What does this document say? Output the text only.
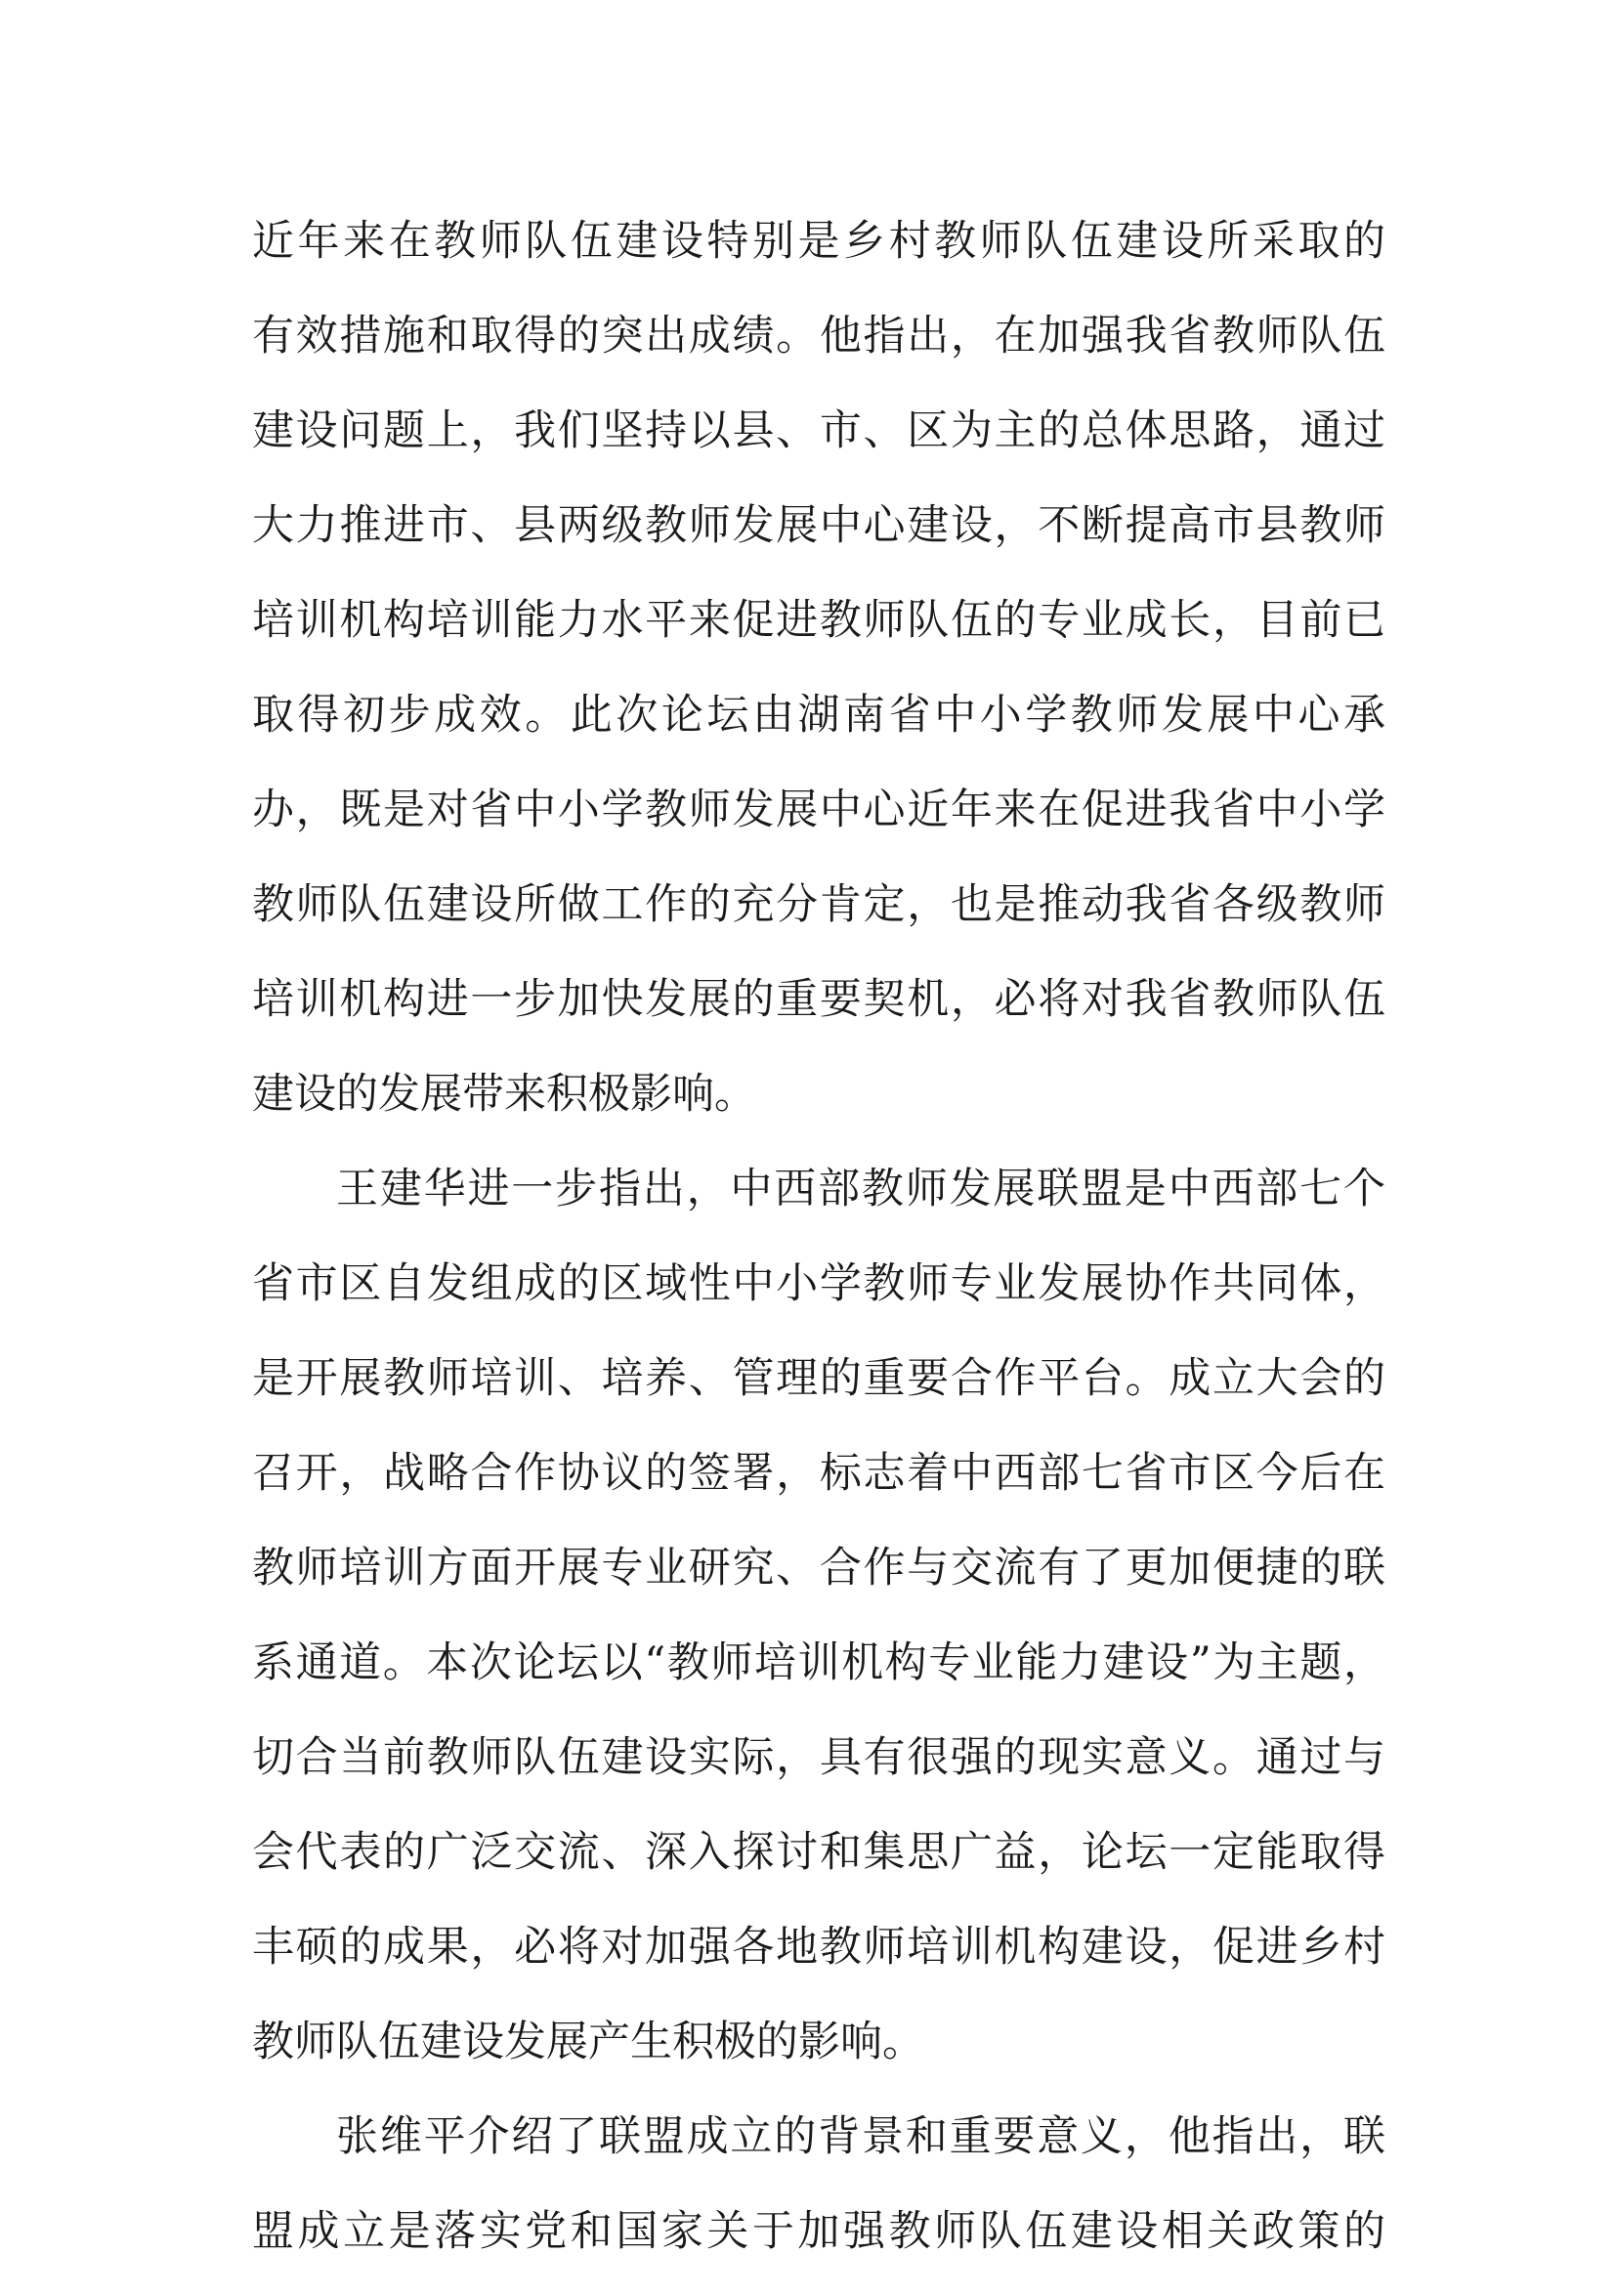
近年来在教师队伍建设特别是乡村教师队伍建设所采取的
有效措施和取得的突出成绩。他指出，在加强我省教师队伍
建设问题上，我们坚持以县、市、区为主的总体思路，通过
大力推进市、县两级教师发展中心建设，不断提高市县教师
培训机构培训能力水平来促进教师队伍的专业成长，目前已
取得初步成效。此次论坛由湖南省中小学教师发展中心承
办，既是对省中小学教师发展中心近年来在促进我省中小学
教师队伍建设所做工作的充分肯定，也是推动我省各级教师
培训机构进一步加快发展的重要契机，必将对我省教师队伍
建设的发展带来积极影响。
王建华进一步指出，中西部教师发展联盟是中西部七个
省市区自发组成的区域性中小学教师专业发展协作共同体，
是开展教师培训、培养、管理的重要合作平台。成立大会的
召开，战略合作协议的签署，标志着中西部七省市区今后在
教师培训方面开展专业研究、合作与交流有了更加便捷的联
系通道。本次论坛以“教师培训机构专业能力建设”为主题，
切合当前教师队伍建设实际，具有很强的现实意义。通过与
会代表的广泛交流、深入探讨和集思广益，论坛一定能取得
丰硕的成果，必将对加强各地教师培训机构建设，促进乡村
教师队伍建设发展产生积极的影响。
张维平介绍了联盟成立的背景和重要意义，他指出，联
盟成立是落实党和国家关于加强教师队伍建设相关政策的
